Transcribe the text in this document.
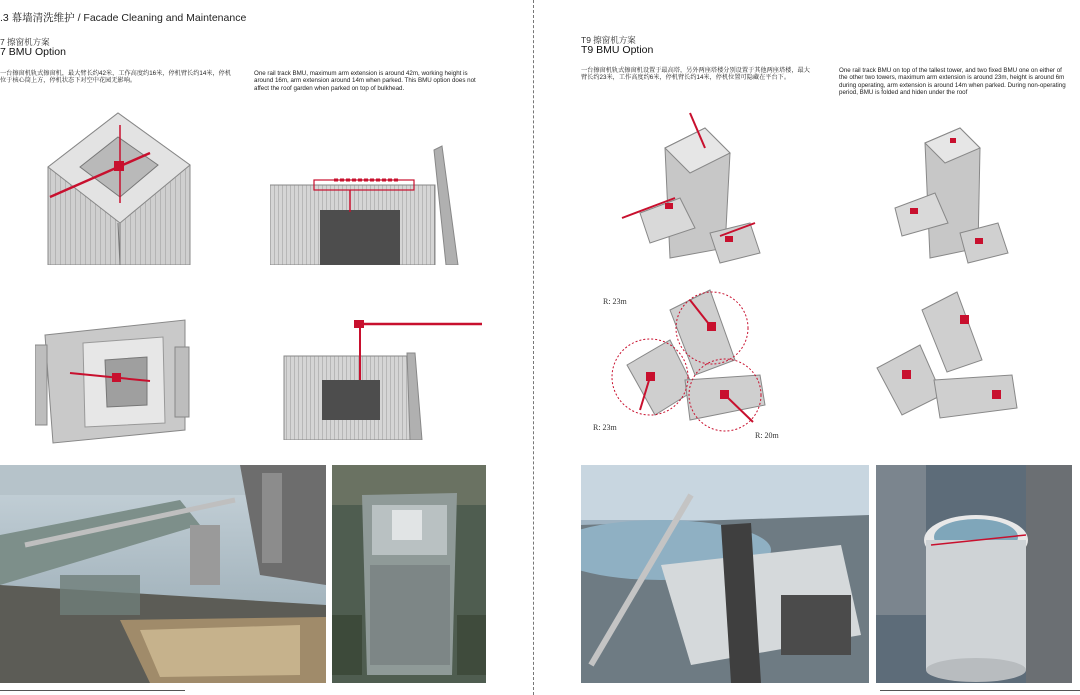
.3 幕墙清洗维护 / Facade Cleaning and Maintenance
7 擦窗机方案
7 BMU Option
一台擦窗机轨式擦窗机，最大臂长约42米，工作高度约16米，停机臂长约14米，停机位于核心筒上方，停机状态下对空中花园无影响。
One rail track BMU, maximum arm extension is around 42m, working height is around 16m, arm extension around 14m when parked. This BMU option does not affect the roof garden when parked on top of bulkhead.
T9 擦窗机方案
T9 BMU Option
一台擦窗机轨式擦窗机设置于最高塔，另外两座塔楼分别设置于其他两座塔楼，最大臂长约23米，工作高度约6米，停机臂长约14米，停机位置可隐藏在平台下。
One rail track BMU on top of the tallest tower, and two fixed BMU one on either of the other two towers, maximum arm extension is around 23m, height is around 6m during operating, arm extension is around 14m when parked. During non-operating period, BMU is folded and hiden under the roof
R: 23m
R: 23m
R: 20m
